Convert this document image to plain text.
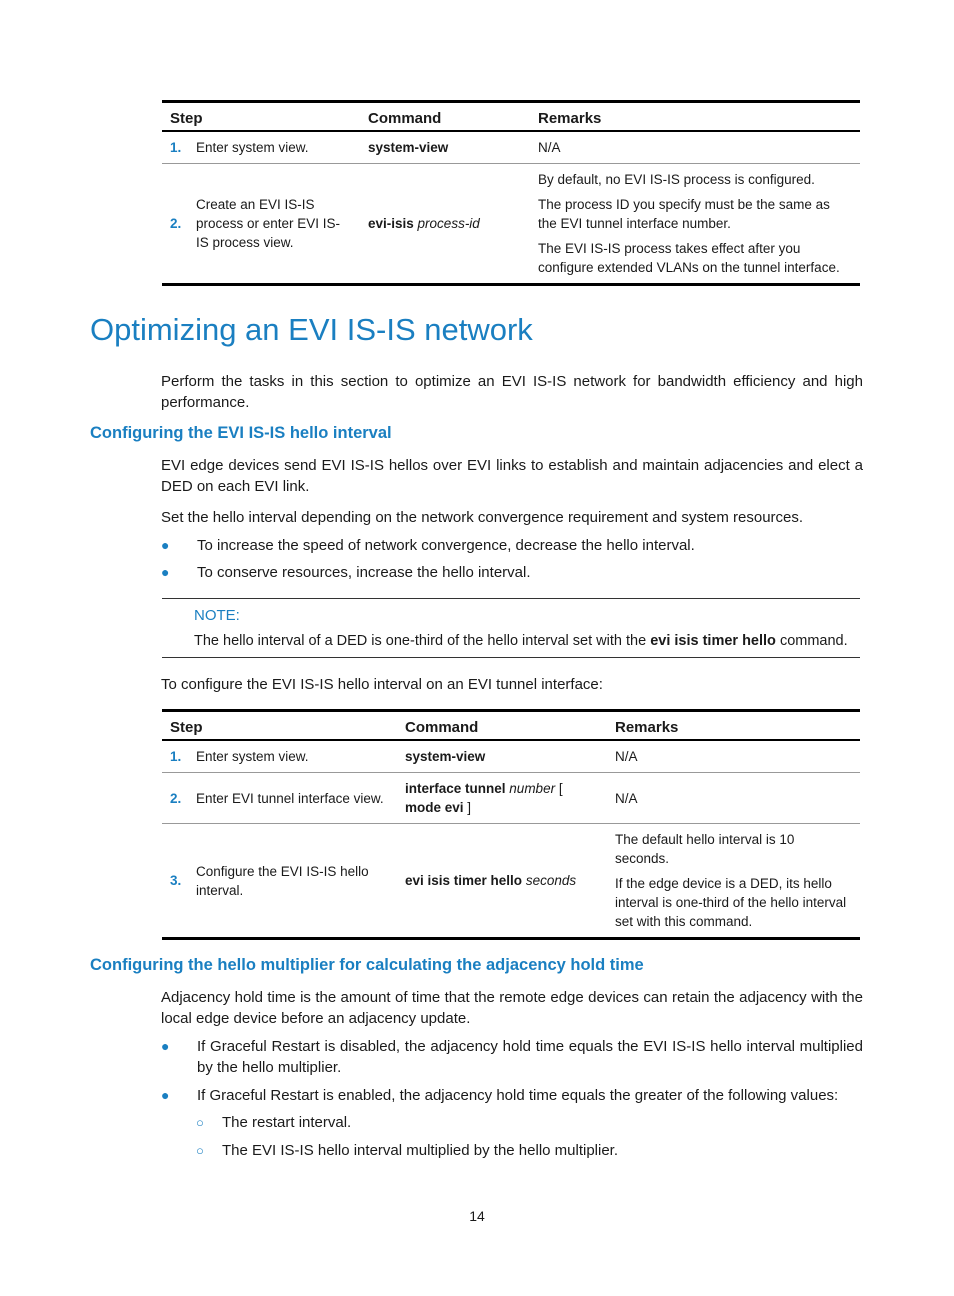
Step		Command	Remarks
1.	Enter system view.	system-view	N/A

2.	Create an EVI IS-IS process or enter EVI IS-IS process view.	evi-isis process-id	By default, no EVI IS-IS process is configured.

The process ID you specify must be the same as the EVI tunnel interface number.

The EVI IS-IS process takes effect after you configure extended VLANs on the tunnel interface.

Optimizing an EVI IS-IS network

Perform the tasks in this section to optimize an EVI IS-IS network for bandwidth efficiency and high performance.

Configuring the EVI IS-IS hello interval

EVI edge devices send EVI IS-IS hellos over EVI links to establish and maintain adjacencies and elect a DED on each EVI link.

Set the hello interval depending on the network convergence requirement and system resources.

● To increase the speed of network convergence, decrease the hello interval.
● To conserve resources, increase the hello interval.
NOTE:
The hello interval of a DED is one-third of the hello interval set with the evi isis timer hello command.

To configure the EVI IS-IS hello interval on an EVI tunnel interface:

Step		Command	Remarks
1.	Enter system view.	system-view	N/A

2.	Enter EVI tunnel interface view.	interface tunnel number [ mode evi ]	N/A

3.	Configure the EVI IS-IS hello interval.	evi isis timer hello seconds	The default hello interval is 10 seconds.

If the edge device is a DED, its hello interval is one-third of the hello interval set with this command.

Configuring the hello multiplier for calculating the adjacency hold time

Adjacency hold time is the amount of time that the remote edge devices can retain the adjacency with the local edge device before an adjacency update.

● If Graceful Restart is disabled, the adjacency hold time equals the EVI IS-IS hello interval multiplied by the hello multiplier.
● If Graceful Restart is enabled, the adjacency hold time equals the greater of the following values:
○ The restart interval.
○ The EVI IS-IS hello interval multiplied by the hello multiplier.
14
